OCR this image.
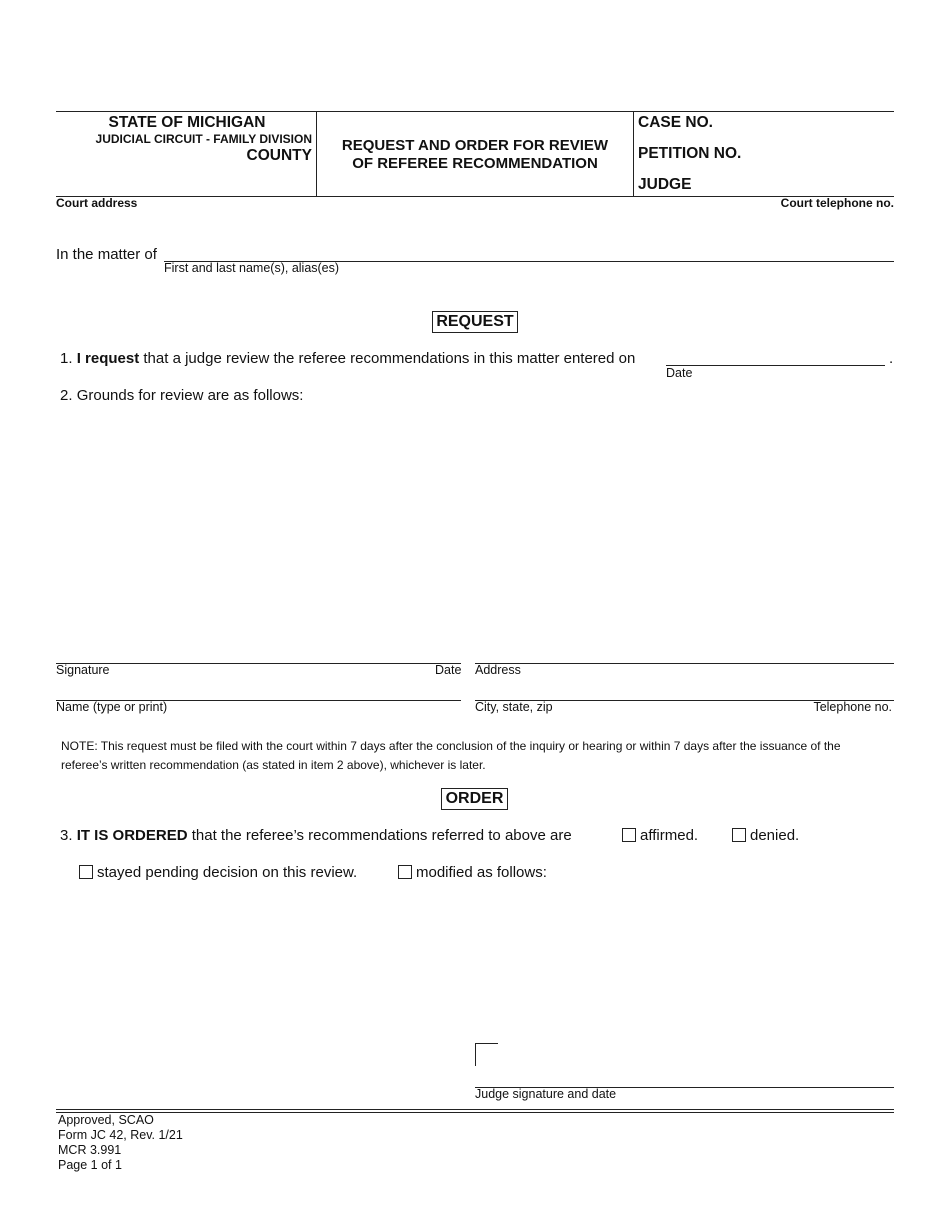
STATE OF MICHIGAN
JUDICIAL CIRCUIT - FAMILY DIVISION
COUNTY
REQUEST AND ORDER FOR REVIEW
OF REFEREE RECOMMENDATION
CASE NO.
PETITION NO.
JUDGE
Court address	Court telephone no.
In the matter of
First and last name(s), alias(es)
REQUEST
1. I request that a judge review the referee recommendations in this matter entered on	.
Date
2. Grounds for review are as follows:
Signature	Date Address
Name (type or print)	City, state, zip	Telephone no.
NOTE: This request must be filed with the court within 7 days after the conclusion of the inquiry or hearing or within 7 days after the issuance of the
referee’s written recommendation (as stated in item 2 above), whichever is later.
ORDER
3. IT IS ORDERED that the referee’s recommendations referred to above are	affirmed.	denied.
stayed pending decision on this review.	modified as follows:
Judge signature and date
Approved, SCAO
Form JC 42, Rev. 1/21
MCR 3.991
Page 1 of 1
